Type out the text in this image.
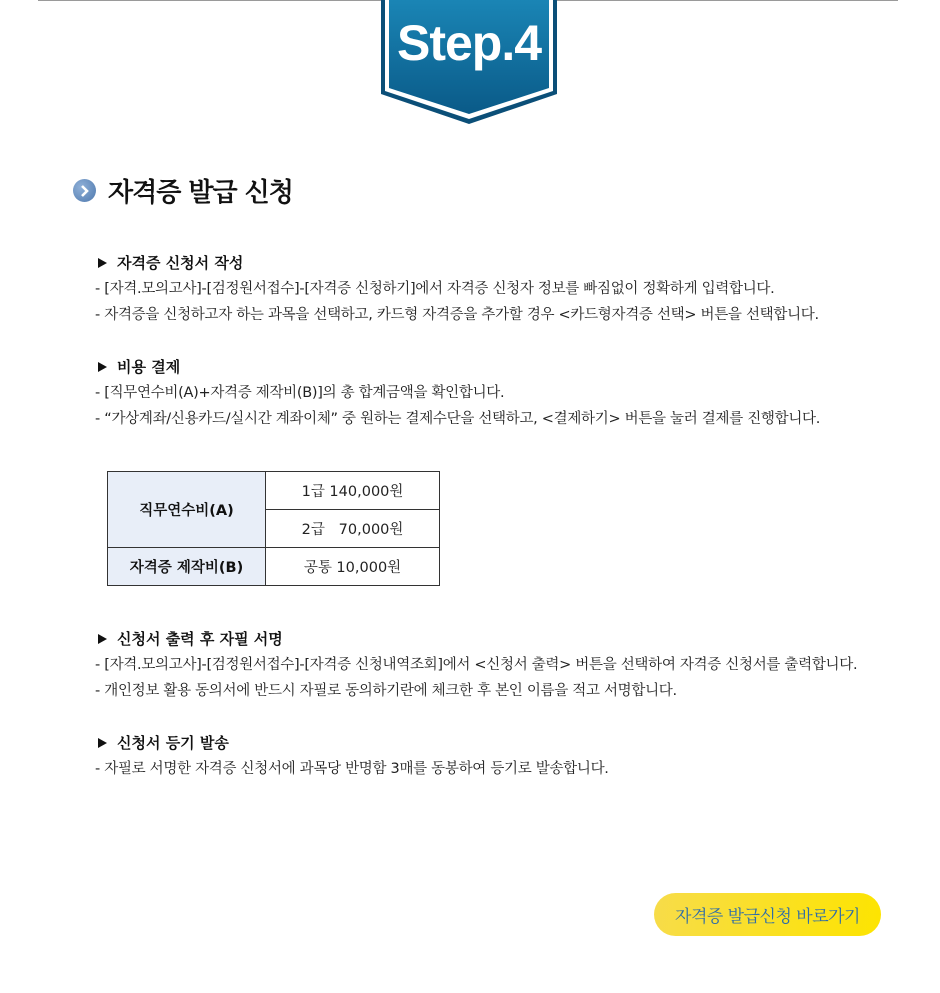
Step.4
자격증 발급 신청
자격증 신청서 작성
- [자격.모의고사]-[검정원서접수]-[자격증 신청하기]에서 자격증 신청자 정보를 빠짐없이 정확하게 입력합니다.
- 자격증을 신청하고자 하는 과목을 선택하고, 카드형 자격증을 추가할 경우 <카드형자격증 선택> 버튼을 선택합니다.
비용 결제
- [직무연수비(A)+자격증 제작비(B)]의 총 합계금액을 확인합니다.
- “가상계좌/신용카드/실시간 계좌이체” 중 원하는 결제수단을 선택하고, <결제하기> 버튼을 눌러 결제를 진행합니다.
직무연수비(A)	1급 140,000원
	2급   70,000원
자격증 제작비(B)	공통 10,000원
신청서 출력 후 자필 서명
- [자격.모의고사]-[검정원서접수]-[자격증 신청내역조회]에서 <신청서 출력> 버튼을 선택하여 자격증 신청서를 출력합니다.
- 개인정보 활용 동의서에 반드시 자필로 동의하기란에 체크한 후 본인 이름을 적고 서명합니다.
신청서 등기 발송
- 자필로 서명한 자격증 신청서에 과목당 반명함 3매를 동봉하여 등기로 발송합니다.
자격증 발급신청 바로가기
